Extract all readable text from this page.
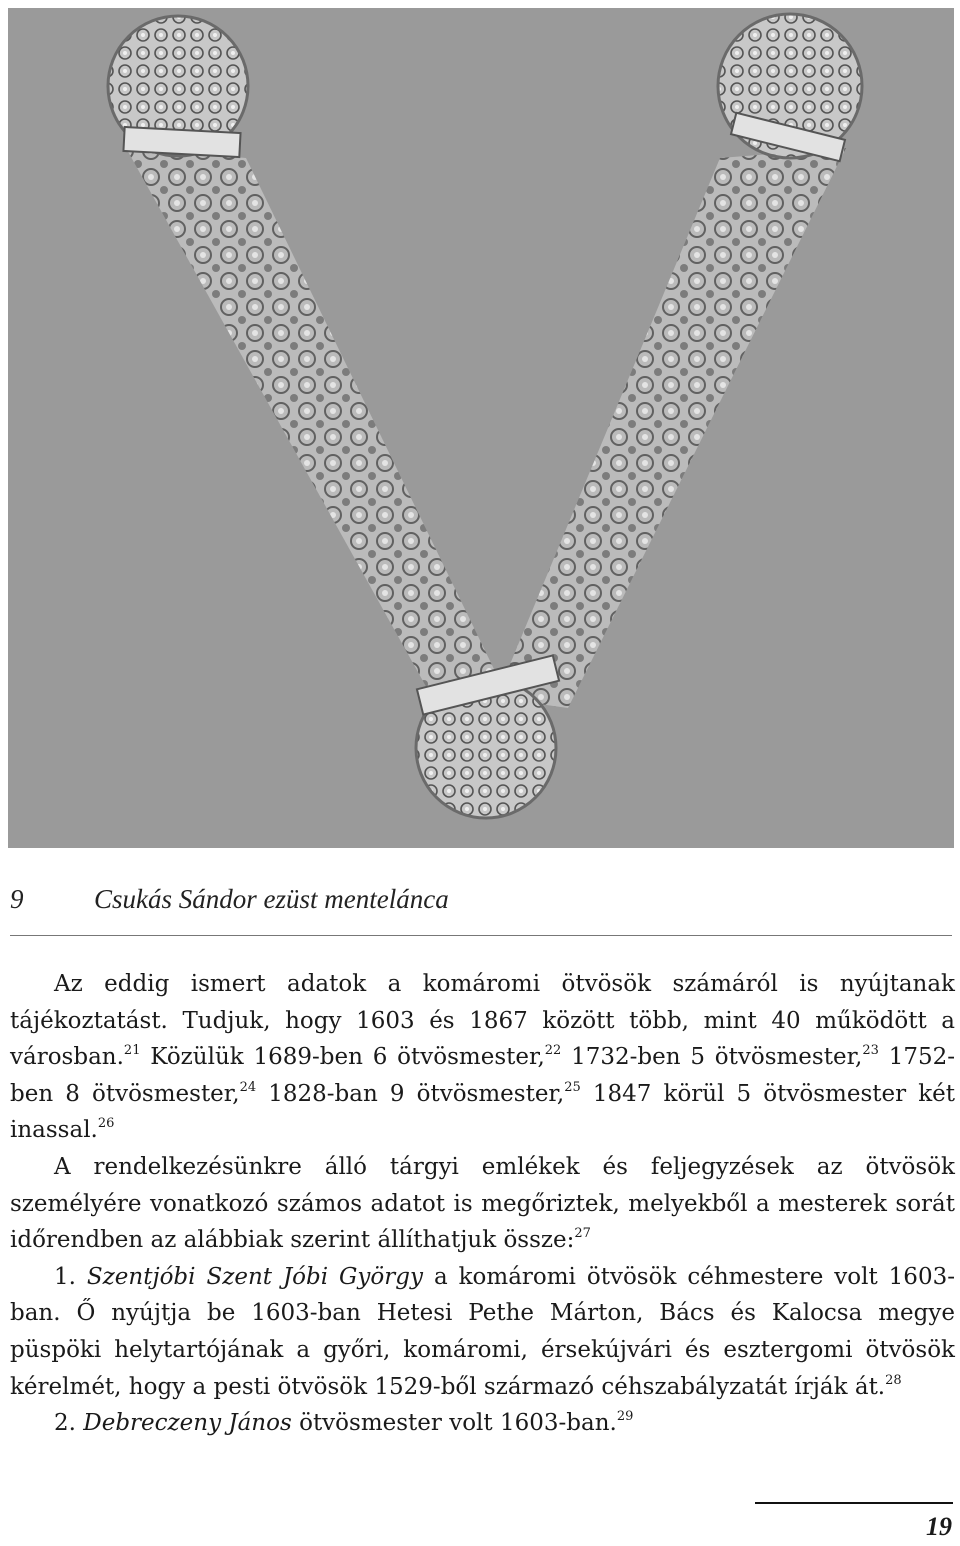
9	Csukás Sándor ezüst mentelánca

Az eddig ismert adatok a komáromi ötvösök számáról is nyújtanak tájékoztatást. Tudjuk, hogy 1603 és 1867 között több, mint 40 működött a városban.$^{21}$ Közülük 1689-ben 6 ötvösmester,$^{22}$ 1732-ben 5 ötvösmester,$^{23}$ 1752-ben 8 ötvösmester,$^{24}$ 1828-ban 9 ötvösmester,$^{25}$ 1847 körül 5 ötvösmester két inassal.$^{26}$

A rendelkezésünkre álló tárgyi emlékek és feljegyzések az ötvösök személyére vonatkozó számos adatot is megőriztek, melyekből a mesterek sorát időrendben az alábbiak szerint állíthatjuk össze:$^{27}$

1. Szentjóbi Szent Jóbi György a komáromi ötvösök céhmestere volt 1603-ban. Ő nyújtja be 1603-ban Hetesi Pethe Márton, Bács és Kalocsa megye püspöki helytartójának a győri, komáromi, érsekújvári és esztergomi ötvösök kérelmét, hogy a pesti ötvösök 1529-ből származó céhszabályzatát írják át.$^{28}$

2. Debreczeny János ötvösmester volt 1603-ban.$^{29}$

19
